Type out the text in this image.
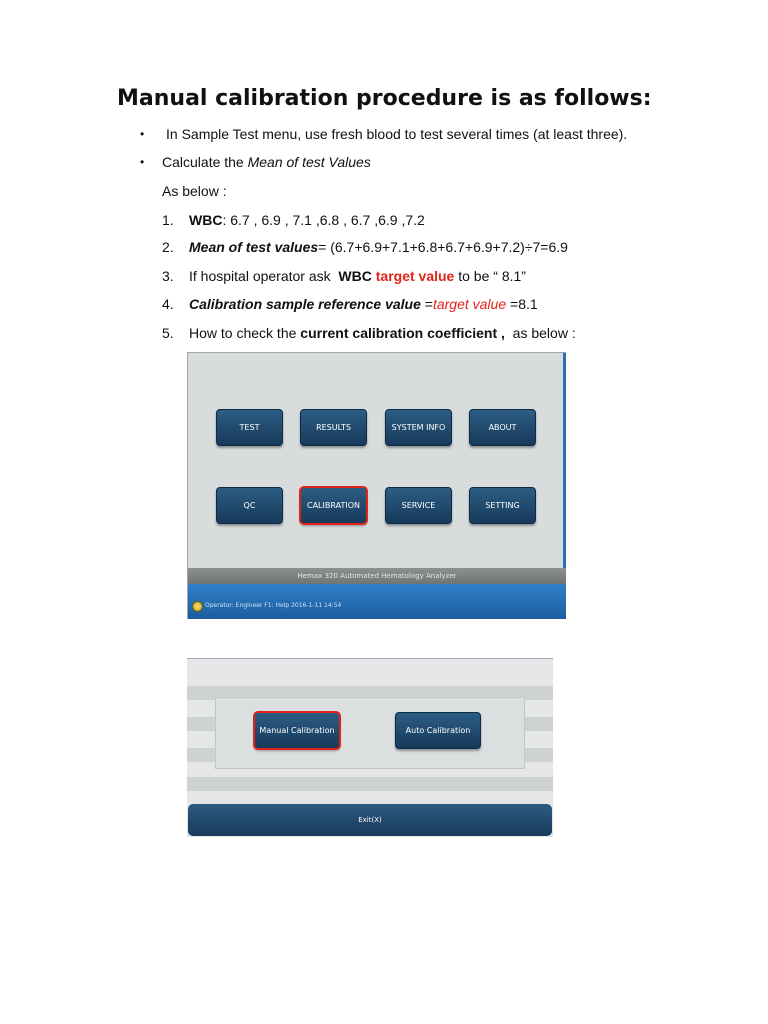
Manual calibration procedure is as follows:
• In Sample Test menu, use fresh blood to test several times (at least three).
• Calculate the Mean of test Values
As below :
1. WBC: 6.7 , 6.9 , 7.1 ,6.8 , 6.7 ,6.9 ,7.2
2. Mean of test values= (6.7+6.9+7.1+6.8+6.7+6.9+7.2)÷7=6.9
3. If hospital operator ask WBC target value to be “ 8.1”
4. Calibration sample reference value =target value =8.1
5. How to check the current calibration coefficient , as below :
TEST	RESULTS	SYSTEM INFO	ABOUT
QC	CALIBRATION	SERVICE	SETTING
Hemax 320 Automated Hematology Analyzer
Operator: Engineer F1: Help 2016-1-11 14:54
Manual Calibration	Auto Calibration
Exit(X)
